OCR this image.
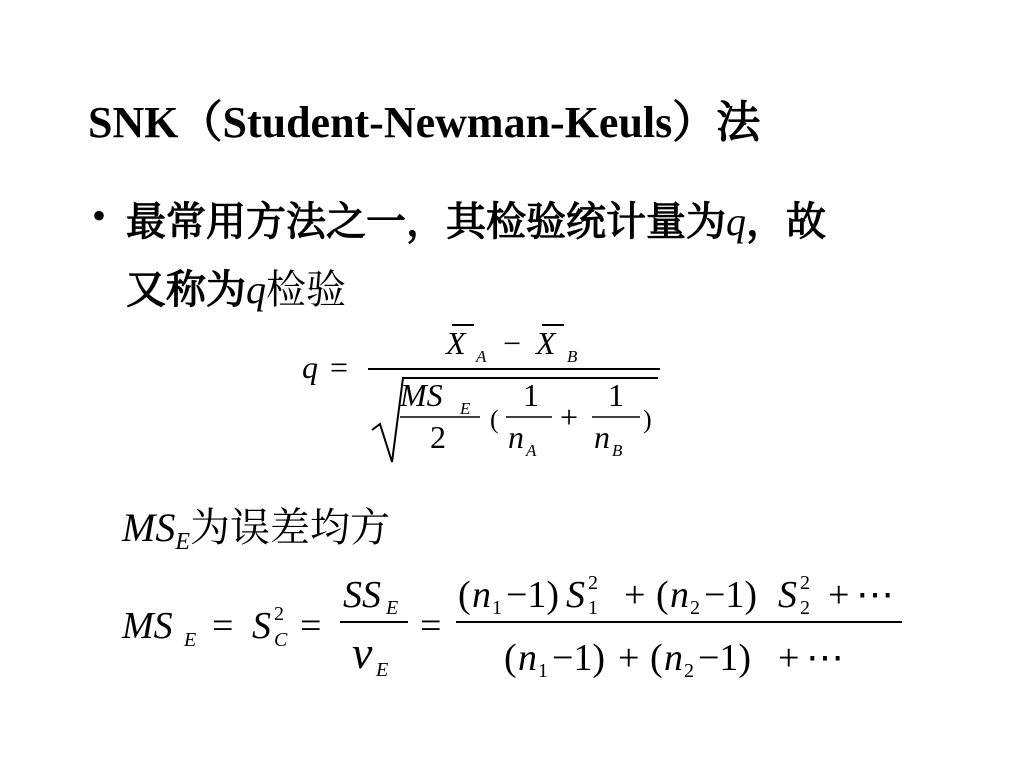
SNK（Student-Newman-Keuls）法
• 最常用方法之一，其检验统计量为q，故
又称为q检验
q =
X A − X B
MS E
2 (
1
n A
+
1
n B
)
$MS_E$为误差均方
MS E = S 2
C =
SS E
ν E
=
( n 1 −1) S 2
1 + ( n 2 −1) S 2
2 + ⋯
( n 1 −1) + ( n 2 −1) + ⋯
